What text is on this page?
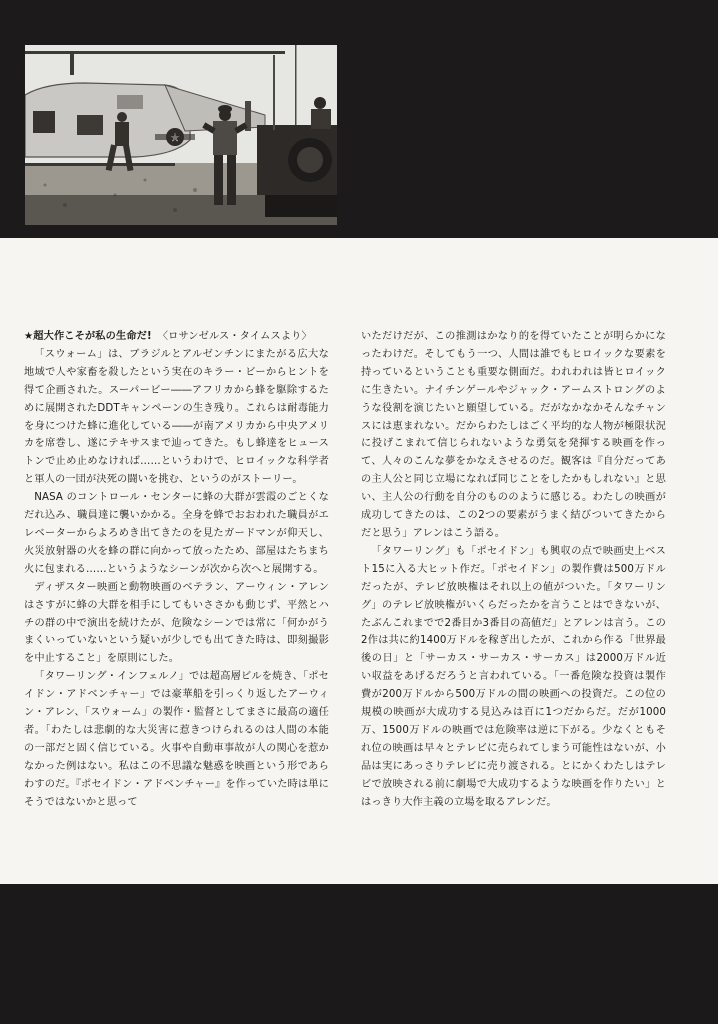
★超大作こそが私の生命だ! 〈ロサンゼルス・タイムスより〉

「スウォーム」は、ブラジルとアルゼンチンにまたがる広大な地域で人や家畜を殺したという実在のキラー・ビーからヒントを得て企画された。スーパービー――アフリカから蜂を駆除するために展開されたDDTキャンペーンの生き残り。これらは耐毒能力を身につけた蜂に進化している――が南アメリカから中央アメリカを席巻し、遂にテキサスまで辿ってきた。もし蜂達をヒューストンで止め止めなければ……というわけで、ヒロイックな科学者と軍人の一団が決死の闘いを挑む、というのがストーリー。

NASA のコントロール・センターに蜂の大群が雲霞のごとくなだれ込み、職員達に襲いかかる。全身を蜂でおおわれた職員がエレベーターからよろめき出てきたのを見たガードマンが仰天し、火災放射器の火を蜂の群に向かって放ったため、部屋はたちまち火に包まれる……というようなシーンが次から次へと展開する。

ディザスター映画と動物映画のベテラン、アーウィン・アレンはさすがに蜂の大群を相手にしてもいささかも動じず、平然とハチの群の中で演出を続けたが、危険なシーンでは常に「何かがうまくいっていないという疑いが少しでも出てきた時は、即刻撮影を中止すること」を原則にした。

「タワーリング・インフェルノ」では超高層ビルを焼き、「ポセイドン・アドベンチャー」では豪華船を引っくり返したアーウィン・アレン、「スウォーム」の製作・監督としてまさに最高の適任者。「わたしは悲劇的な大災害に惹きつけられるのは人間の本能の一部だと固く信じている。火事や自動車事故が人の関心を惹かなかった例はない。私はこの不思議な魅惑を映画という形であらわすのだ。『ポセイドン・アドベンチャー』を作っていた時は単にそうではないかと思って

いただけだが、この推測はかなり的を得ていたことが明らかになったわけだ。そしてもう一つ、人間は誰でもヒロイックな要素を持っているということも重要な側面だ。われわれは皆ヒロイックに生きたい。ナイチンゲールやジャック・アームストロングのような役割を演じたいと願望している。だがなかなかそんなチャンスには恵まれない。だからわたしはごく平均的な人物が極限状況に投げこまれて信じられないような勇気を発揮する映画を作って、人々のこんな夢をかなえさせるのだ。観客は『自分だってあの主人公と同じ立場になれば同じことをしたかもしれない』と思い、主人公の行動を自分のもののように感じる。わたしの映画が成功してきたのは、この2つの要素がうまく結びついてきたからだと思う」アレンはこう語る。

「タワーリング」も「ポセイドン」も興収の点で映画史上ベスト15に入る大ヒット作だ。「ポセイドン」の製作費は500万ドルだったが、テレビ放映権はそれ以上の値がついた。「タワーリング」のテレビ放映権がいくらだったかを言うことはできないが、たぶんこれまでで2番目か3番目の高値だ」とアレンは言う。この2作は共に約1400万ドルを稼ぎ出したが、これから作る「世界最後の日」と「サーカス・サーカス・サーカス」は2000万ドル近い収益をあげるだろうと言われている。「一番危険な投資は製作費が200万ドルから500万ドルの間の映画への投資だ。この位の規模の映画が大成功する見込みは百に1つだからだ。だが1000万、1500万ドルの映画では危険率は逆に下がる。少なくともそれ位の映画は早々とテレビに売られてしまう可能性はないが、小品は実にあっさりテレビに売り渡される。とにかくわたしはテレビで放映される前に劇場で大成功するような映画を作りたい」とはっきり大作主義の立場を取るアレンだ。
